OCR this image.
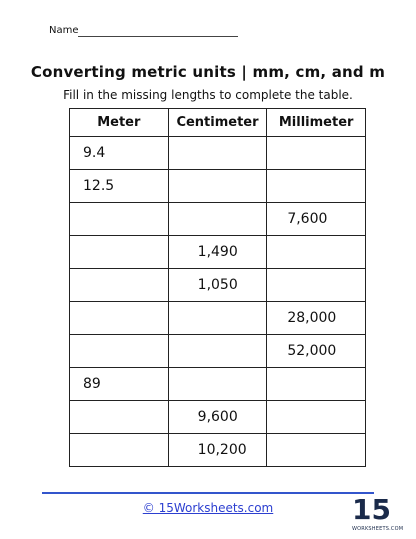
Name
Converting metric units | mm, cm, and m
Fill in the missing lengths to complete the table.
Meter	Centimeter	Millimeter
9.4		
12.5		
		7,600
	1,490	
	1,050	
		28,000
		52,000
89		
	9,600	
	10,200	
© 15Worksheets.com	15
WORKSHEETS.COM
